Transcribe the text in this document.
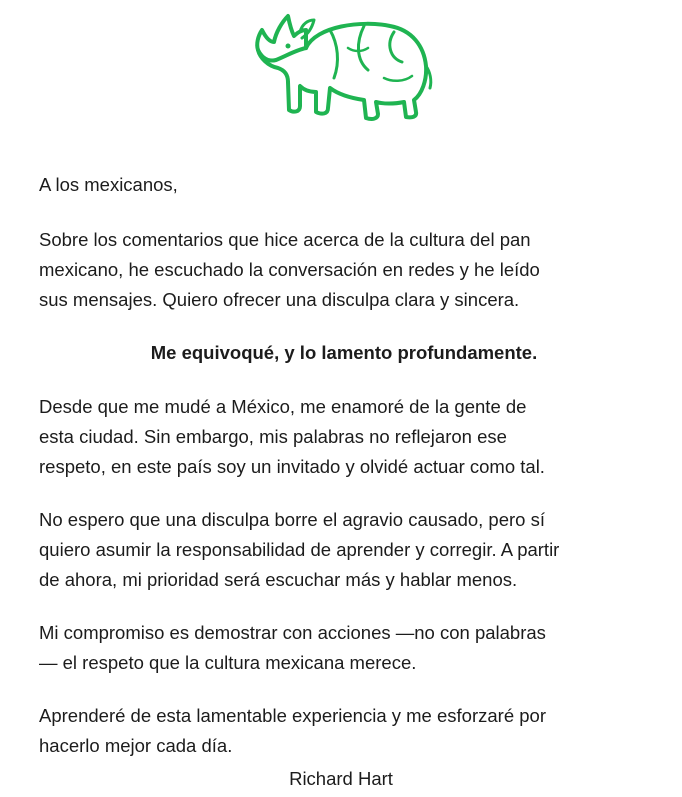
A los mexicanos,

Sobre los comentarios que hice acerca de la cultura del pan
mexicano, he escuchado la conversación en redes y he leído
sus mensajes. Quiero ofrecer una disculpa clara y sincera.

Me equivoqué, y lo lamento profundamente.

Desde que me mudé a México, me enamoré de la gente de
esta ciudad. Sin embargo, mis palabras no reflejaron ese
respeto, en este país soy un invitado y olvidé actuar como tal.

No espero que una disculpa borre el agravio causado, pero sí
quiero asumir la responsabilidad de aprender y corregir. A partir
de ahora, mi prioridad será escuchar más y hablar menos.

Mi compromiso es demostrar con acciones —no con palabras
— el respeto que la cultura mexicana merece.

Aprenderé de esta lamentable experiencia y me esforzaré por
hacerlo mejor cada día.

Richard Hart
